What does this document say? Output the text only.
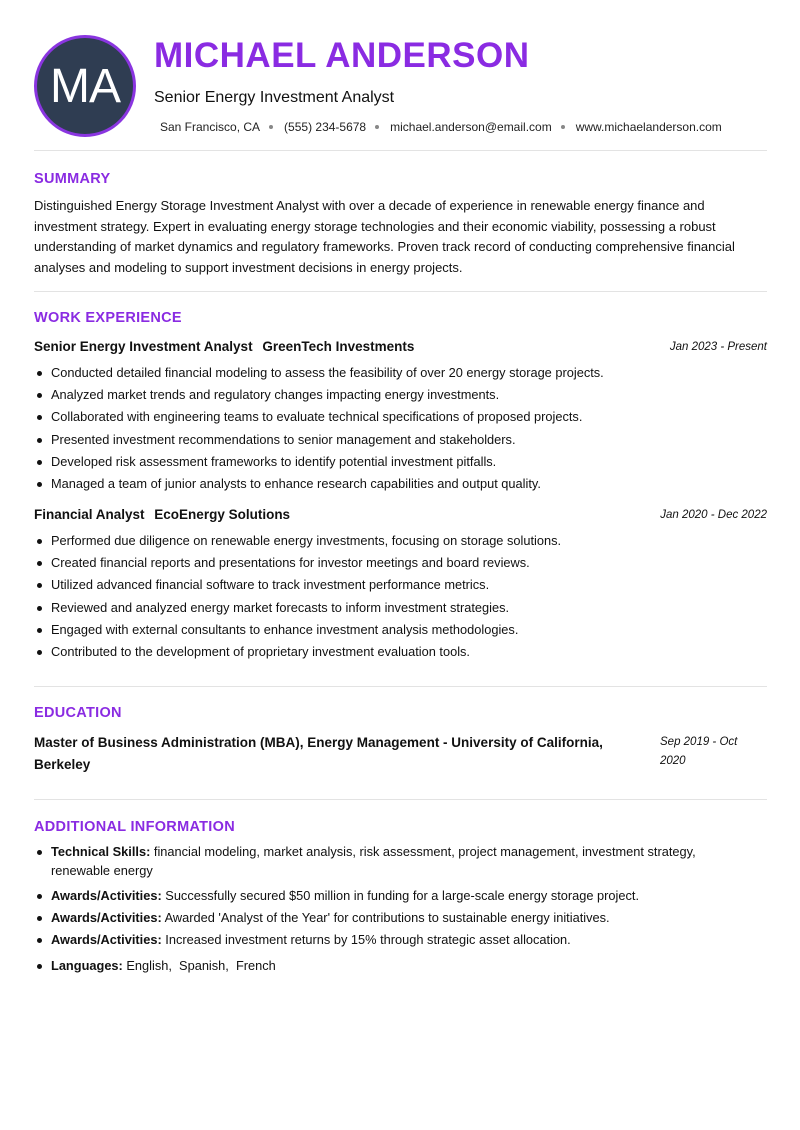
MA
MICHAEL ANDERSON
Senior Energy Investment Analyst
San Francisco, CA (555) 234-5678 michael.anderson@email.com www.michaelanderson.com
SUMMARY

Distinguished Energy Storage Investment Analyst with over a decade of experience in renewable energy finance and investment strategy. Expert in evaluating energy storage technologies and their economic viability, possessing a robust understanding of market dynamics and regulatory frameworks. Proven track record of conducting comprehensive financial analyses and modeling to support investment decisions in energy projects.

WORK EXPERIENCE
Senior Energy Investment Analyst GreenTech Investments	Jan 2023 - Present
Conducted detailed financial modeling to assess the feasibility of over 20 energy storage projects.
Analyzed market trends and regulatory changes impacting energy investments.
Collaborated with engineering teams to evaluate technical specifications of proposed projects.
Presented investment recommendations to senior management and stakeholders.
Developed risk assessment frameworks to identify potential investment pitfalls.
Managed a team of junior analysts to enhance research capabilities and output quality.
Financial Analyst EcoEnergy Solutions	Jan 2020 - Dec 2022
Performed due diligence on renewable energy investments, focusing on storage solutions.
Created financial reports and presentations for investor meetings and board reviews.
Utilized advanced financial software to track investment performance metrics.
Reviewed and analyzed energy market forecasts to inform investment strategies.
Engaged with external consultants to enhance investment analysis methodologies.
Contributed to the development of proprietary investment evaluation tools.
EDUCATION
Master of Business Administration (MBA), Energy Management - University of California, Berkeley
Sep 2019 - Oct 2020
ADDITIONAL INFORMATION
Technical Skills: financial modeling, market analysis, risk assessment, project management, investment strategy, renewable energy
Awards/Activities: Successfully secured $50 million in funding for a large-scale energy storage project.
Awards/Activities: Awarded 'Analyst of the Year' for contributions to sustainable energy initiatives.
Awards/Activities: Increased investment returns by 15% through strategic asset allocation.
Languages: English , Spanish , French
